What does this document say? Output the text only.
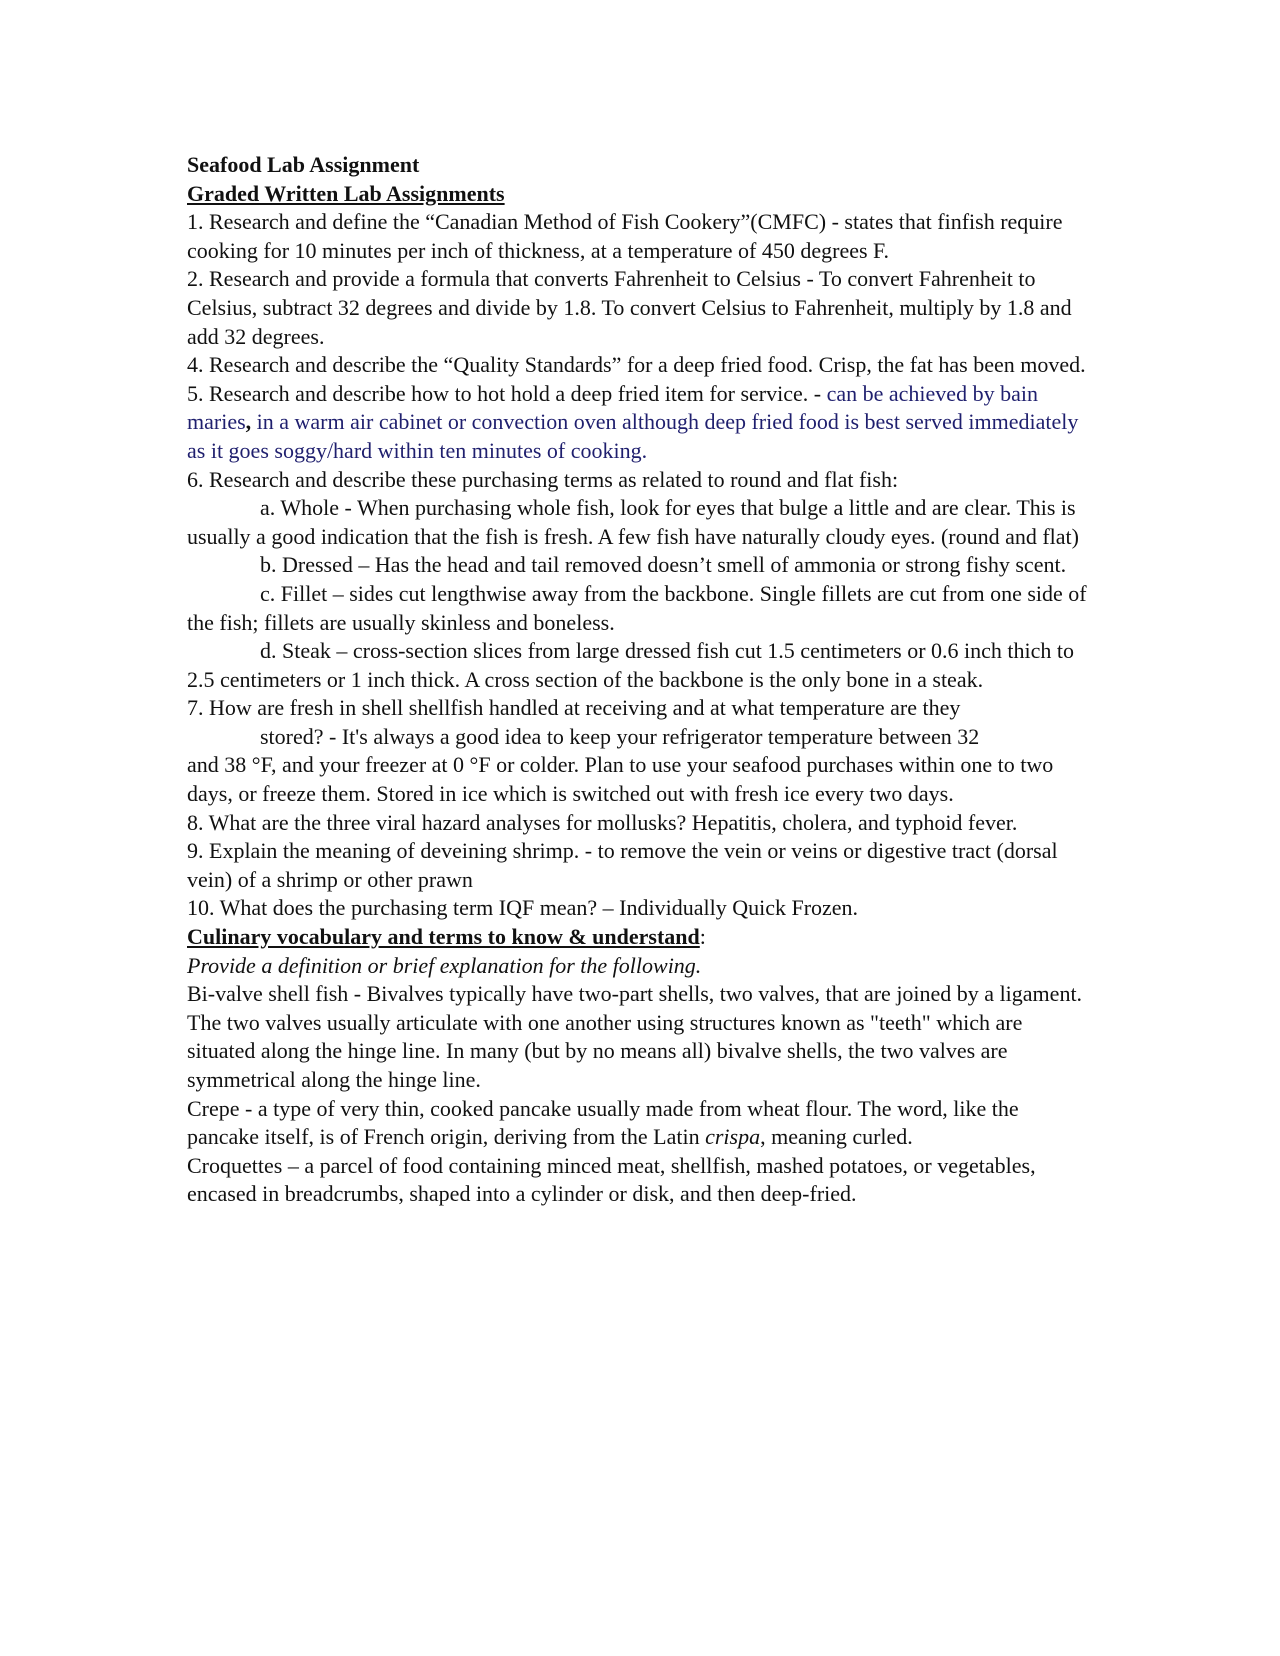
Seafood Lab Assignment

Graded Written Lab Assignments

1. Research and define the “Canadian Method of Fish Cookery”(CMFC) - states that finfish require cooking for 10 minutes per inch of thickness, at a temperature of 450 degrees F.

2. Research and provide a formula that converts Fahrenheit to Celsius - To convert Fahrenheit to Celsius, subtract 32 degrees and divide by 1.8. To convert Celsius to Fahrenheit, multiply by 1.8 and add 32 degrees.

4. Research and describe the “Quality Standards” for a deep fried food. Crisp, the fat has been moved.

5. Research and describe how to hot hold a deep fried item for service. - can be achieved by bain maries, in a warm air cabinet or convection oven although deep fried food is best served immediately as it goes soggy/hard within ten minutes of cooking.

6. Research and describe these purchasing terms as related to round and flat fish:

a. Whole - When purchasing whole fish, look for eyes that bulge a little and are clear. This is usually a good indication that the fish is fresh. A few fish have naturally cloudy eyes. (round and flat)

b. Dressed – Has the head and tail removed doesn’t smell of ammonia or strong fishy scent.

c. Fillet – sides cut lengthwise away from the backbone. Single fillets are cut from one side of the fish; fillets are usually skinless and boneless.

d. Steak – cross-section slices from large dressed fish cut 1.5 centimeters or 0.6 inch thich to 2.5 centimeters or 1 inch thick. A cross section of the backbone is the only bone in a steak.

7. How are fresh in shell shellfish handled at receiving and at what temperature are they
stored? - It's always a good idea to keep your refrigerator temperature between 32
and 38 °F, and your freezer at 0 °F or colder. Plan to use your seafood purchases within one to two days, or freeze them. Stored in ice which is switched out with fresh ice every two days.

8. What are the three viral hazard analyses for mollusks? Hepatitis, cholera, and typhoid fever.

9. Explain the meaning of deveining shrimp. - to remove the vein or veins or digestive tract (dorsal vein) of a shrimp or other prawn

10. What does the purchasing term IQF mean? – Individually Quick Frozen.

Culinary vocabulary and terms to know & understand:

Provide a definition or brief explanation for the following.

Bi-valve shell fish - Bivalves typically have two-part shells, two valves, that are joined by a ligament. The two valves usually articulate with one another using structures known as "teeth" which are situated along the hinge line. In many (but by no means all) bivalve shells, the two valves are symmetrical along the hinge line.

Crepe - a type of very thin, cooked pancake usually made from wheat flour. The word, like the pancake itself, is of French origin, deriving from the Latin crispa, meaning curled.

Croquettes – a parcel of food containing minced meat, shellfish, mashed potatoes, or vegetables, encased in breadcrumbs, shaped into a cylinder or disk, and then deep-fried.
